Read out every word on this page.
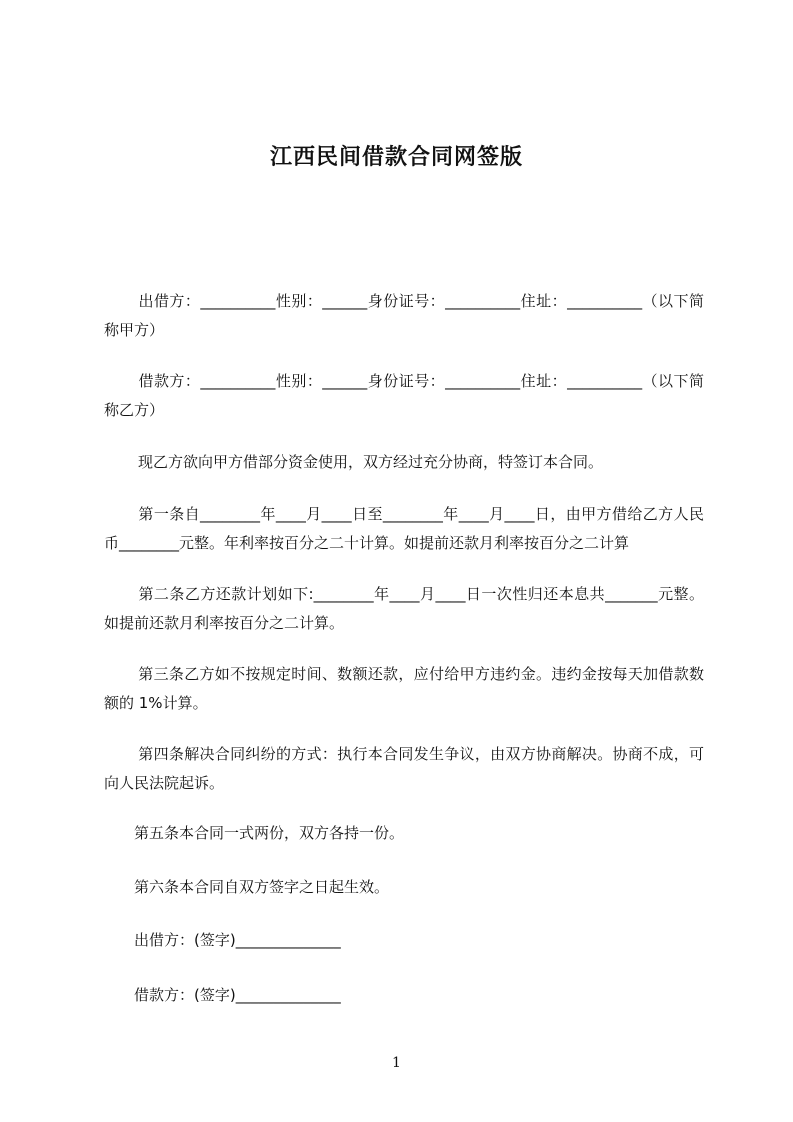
江西民间借款合同网签版

出借方：__________性别：______身份证号：__________住址：__________（以下简称甲方）

借款方：__________性别：______身份证号：__________住址：__________（以下简称乙方）

现乙方欲向甲方借部分资金使用，双方经过充分协商，特签订本合同。

第一条自________年____月____日至________年____月____日，由甲方借给乙方人民币________元整。年利率按百分之二十计算。如提前还款月利率按百分之二计算

第二条乙方还款计划如下:________年____月____日一次性归还本息共_______元整。如提前还款月利率按百分之二计算。

第三条乙方如不按规定时间、数额还款，应付给甲方违约金。违约金按每天加借款数额的 1%计算。

第四条解决合同纠纷的方式：执行本合同发生争议，由双方协商解决。协商不成，可向人民法院起诉。

第五条本合同一式两份，双方各持一份。

第六条本合同自双方签字之日起生效。

出借方：(签字)______________

借款方：(签字)______________

1
